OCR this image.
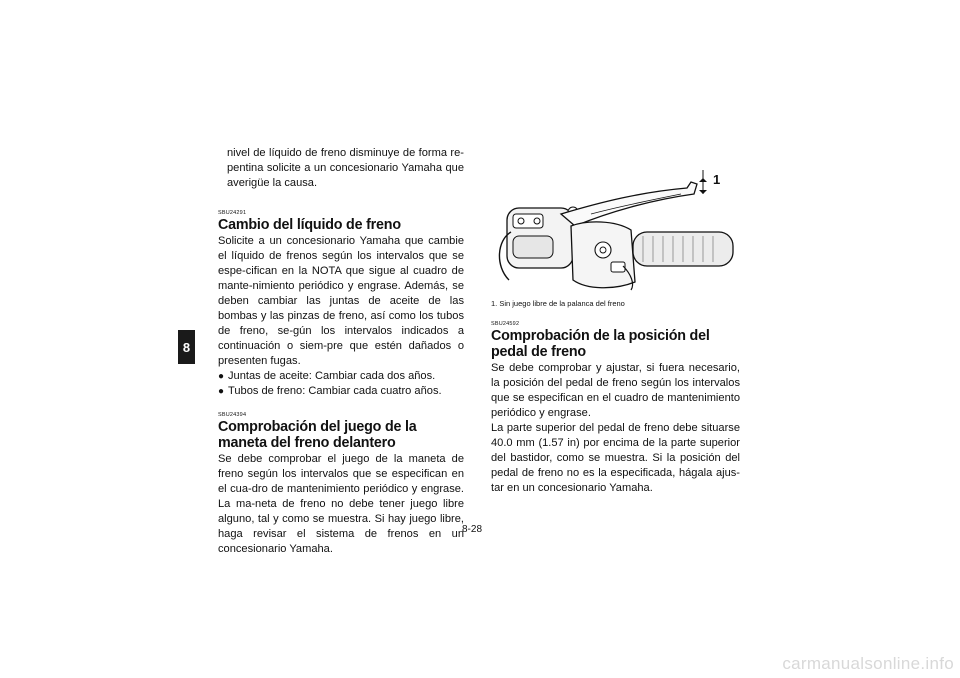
8

nivel de líquido de freno disminuye de forma re-pentina solicite a un concesionario Yamaha que averigüe la causa.

SBU24291

Cambio del líquido de freno

Solicite a un concesionario Yamaha que cambie el líquido de frenos según los intervalos que se espe-cifican en la NOTA que sigue al cuadro de mante-nimiento periódico y engrase. Además, se deben cambiar las juntas de aceite de las bombas y las pinzas de freno, así como los tubos de freno, se-gún los intervalos indicados a continuación o siem-pre que estén dañados o presenten fugas.

● Juntas de aceite: Cambiar cada dos años.
● Tubos de freno: Cambiar cada cuatro años.

SBU24394

Comprobación del juego de la maneta del freno delantero

Se debe comprobar el juego de la maneta de freno según los intervalos que se especifican en el cua-dro de mantenimiento periódico y engrase. La ma-neta de freno no debe tener juego libre alguno, tal y como se muestra. Si hay juego libre, haga revisar el sistema de frenos en un concesionario Yamaha.

1

1. Sin juego libre de la palanca del freno

SBU24592

Comprobación de la posición del pedal de freno

Se debe comprobar y ajustar, si fuera necesario, la posición del pedal de freno según los intervalos que se especifican en el cuadro de mantenimiento periódico y engrase.

La parte superior del pedal de freno debe situarse 40.0 mm (1.57 in) por encima de la parte superior del bastidor, como se muestra. Si la posición del pedal de freno no es la especificada, hágala ajus-tar en un concesionario Yamaha.

8-28
carmanualsonline.info
